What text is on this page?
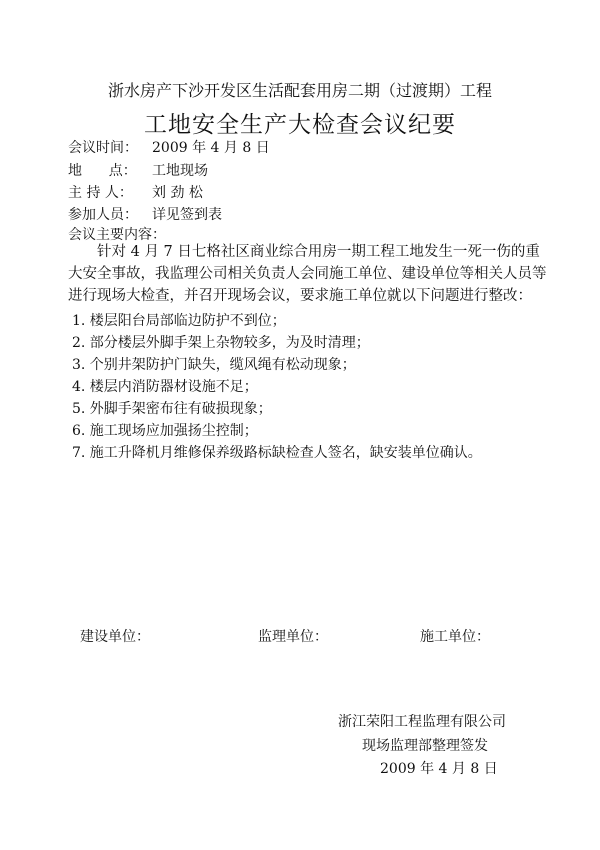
浙水房产下沙开发区生活配套用房二期（过渡期）工程
工地安全生产大检查会议纪要
会议时间： 2009 年 4 月 8 日
地      点： 工地现场
主 持 人： 刘 劲 松
参加人员： 详见签到表
会议主要内容：
针对 4 月 7 日七格社区商业综合用房一期工程工地发生一死一伤的重大安全事故，我监理公司相关负责人会同施工单位、建设单位等相关人员等进行现场大检查，并召开现场会议，要求施工单位就以下问题进行整改：
1. 楼层阳台局部临边防护不到位；
2. 部分楼层外脚手架上杂物较多，为及时清理；
3. 个别井架防护门缺失，缆风绳有松动现象；
4. 楼层内消防器材设施不足；
5. 外脚手架密布往有破损现象；
6. 施工现场应加强扬尘控制；
7. 施工升降机月维修保养级路标缺检查人签名，缺安装单位确认。
建设单位：	监理单位：	施工单位：
浙江荣阳工程监理有限公司
现场监理部整理签发
2009 年 4 月 8 日
